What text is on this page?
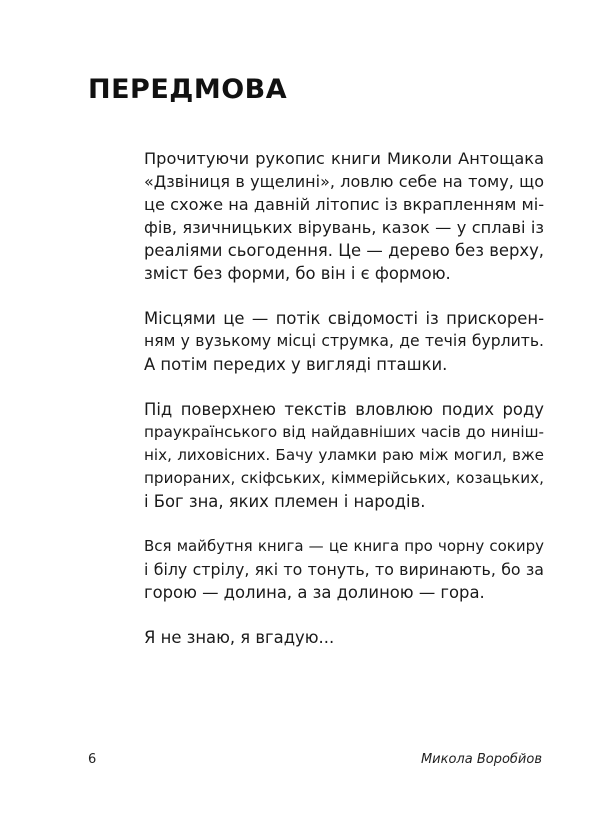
ПЕРЕДМОВА

Прочитуючи рукопис книги Миколи Антощака
«Дзвіниця в ущелині», ловлю себе на тому, що
це схоже на давній літопис із вкрапленням мі-
фів, язичницьких вірувань, казок — у сплаві із
реаліями сьогодення. Це — дерево без верху,
зміст без форми, бо він і є формою.

Місцями це — потік свідомості із прискорен-
ням у вузькому місці струмка, де течія бурлить.
А потім передих у вигляді пташки.

Під поверхнею текстів вловлюю подих роду
праукраїнського від найдавніших часів до нинiш-
ніх, лиховісних. Бачу уламки раю між могил, вже
приораних, скіфських, кіммерійських, козацьких,
і Бог зна, яких племен і народів.

Вся майбутня книга — це книга про чорну сокиру
і білу стрілу, які то тонуть, то виринають, бо за
горою — долина, а за долиною — гора.

Я не знаю, я вгадую...

6	Микола Воробйов
